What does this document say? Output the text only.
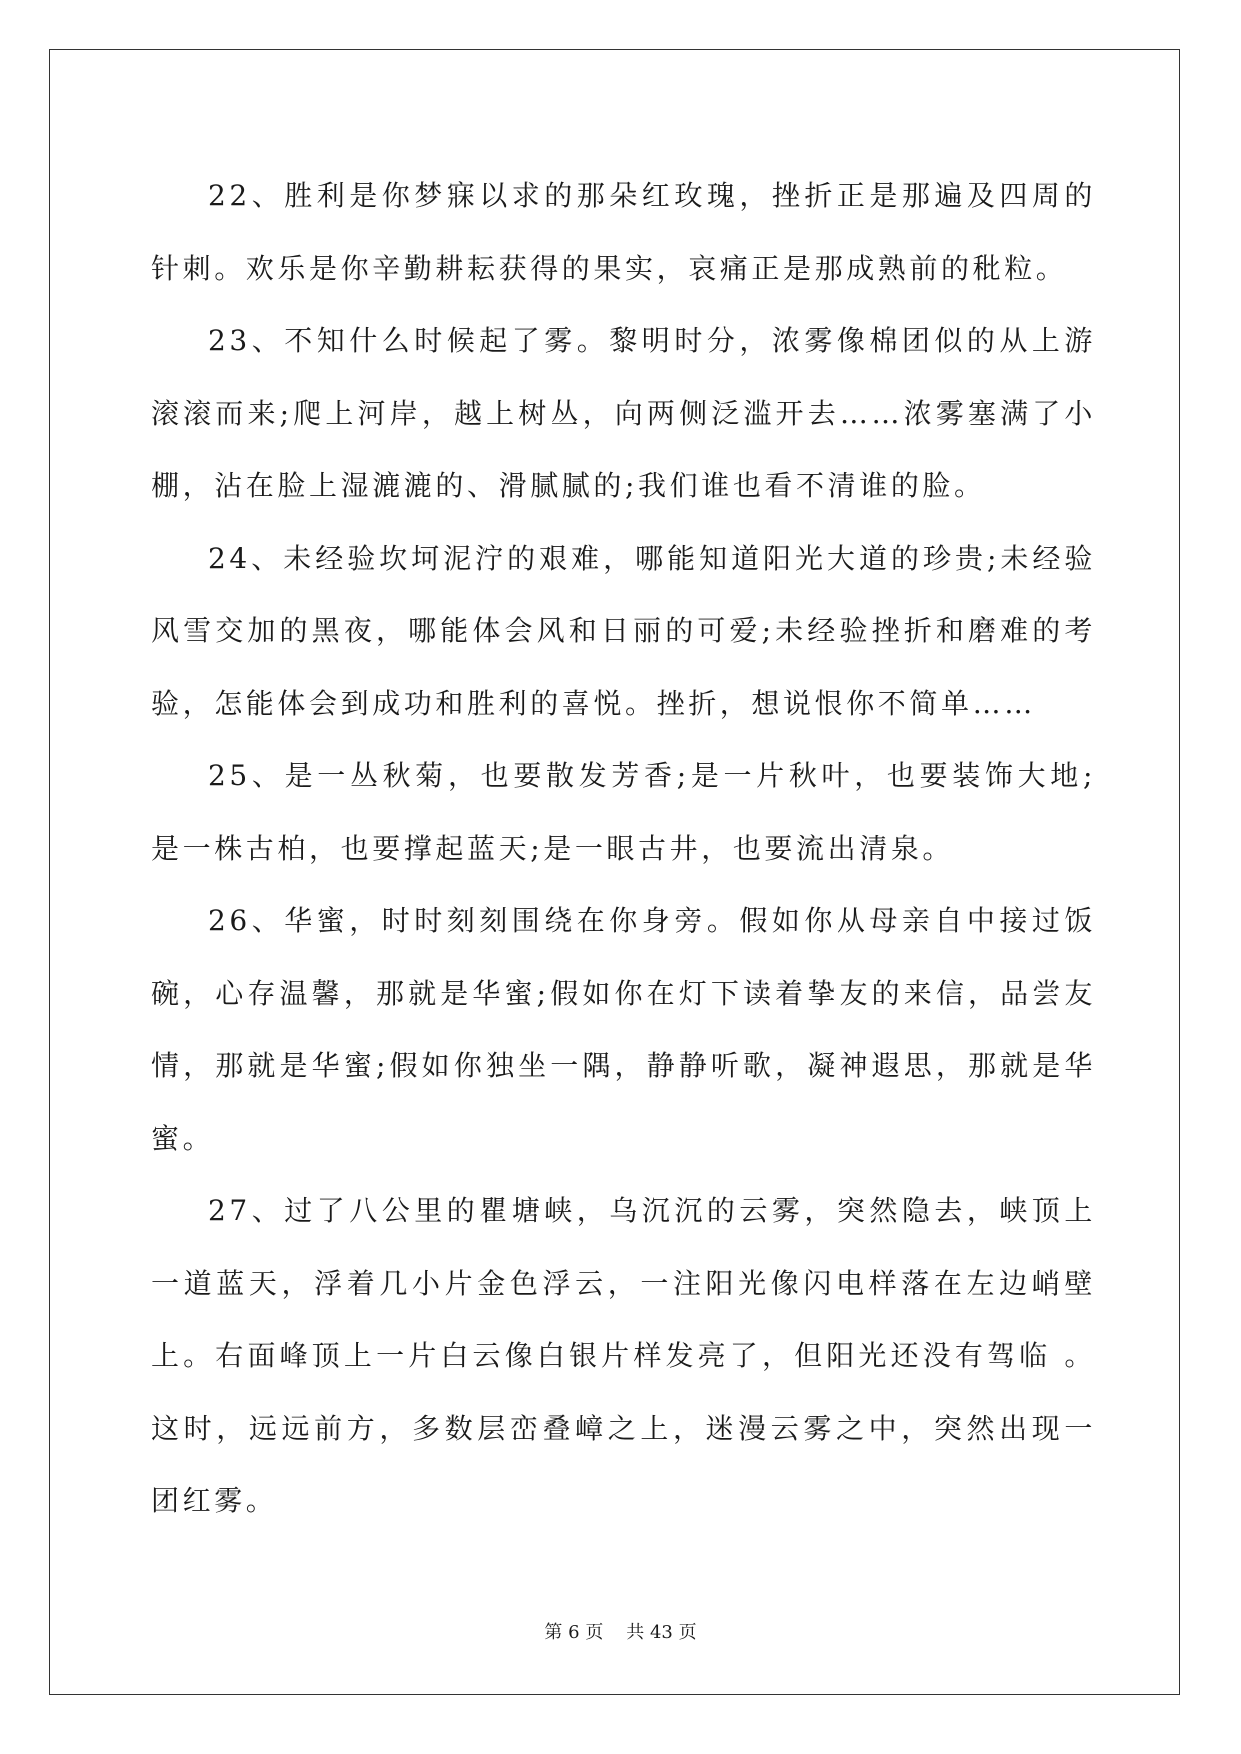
22、胜利是你梦寐以求的那朵红玫瑰，挫折正是那遍及四周的针刺。欢乐是你辛勤耕耘获得的果实，哀痛正是那成熟前的秕粒。

23、不知什么时候起了雾。黎明时分，浓雾像棉团似的从上游滚滚而来;爬上河岸，越上树丛，向两侧泛滥开去……浓雾塞满了小棚，沾在脸上湿漉漉的、滑腻腻的;我们谁也看不清谁的脸。

24、未经验坎坷泥泞的艰难，哪能知道阳光大道的珍贵;未经验风雪交加的黑夜，哪能体会风和日丽的可爱;未经验挫折和磨难的考验，怎能体会到成功和胜利的喜悦。挫折，想说恨你不简单……

25、是一丛秋菊，也要散发芳香;是一片秋叶，也要装饰大地;是一株古柏，也要撑起蓝天;是一眼古井，也要流出清泉。

26、华蜜，时时刻刻围绕在你身旁。假如你从母亲自中接过饭碗，心存温馨，那就是华蜜;假如你在灯下读着挚友的来信，品尝友情，那就是华蜜;假如你独坐一隅，静静听歌，凝神遐思，那就是华蜜。

27、过了八公里的瞿塘峡，乌沉沉的云雾，突然隐去，峡顶上一道蓝天，浮着几小片金色浮云，一注阳光像闪电样落在左边峭壁上。右面峰顶上一片白云像白银片样发亮了，但阳光还没有驾临 。这时，远远前方，多数层峦叠嶂之上，迷漫云雾之中，突然出现一团红雾。

第 6 页 共 43 页
